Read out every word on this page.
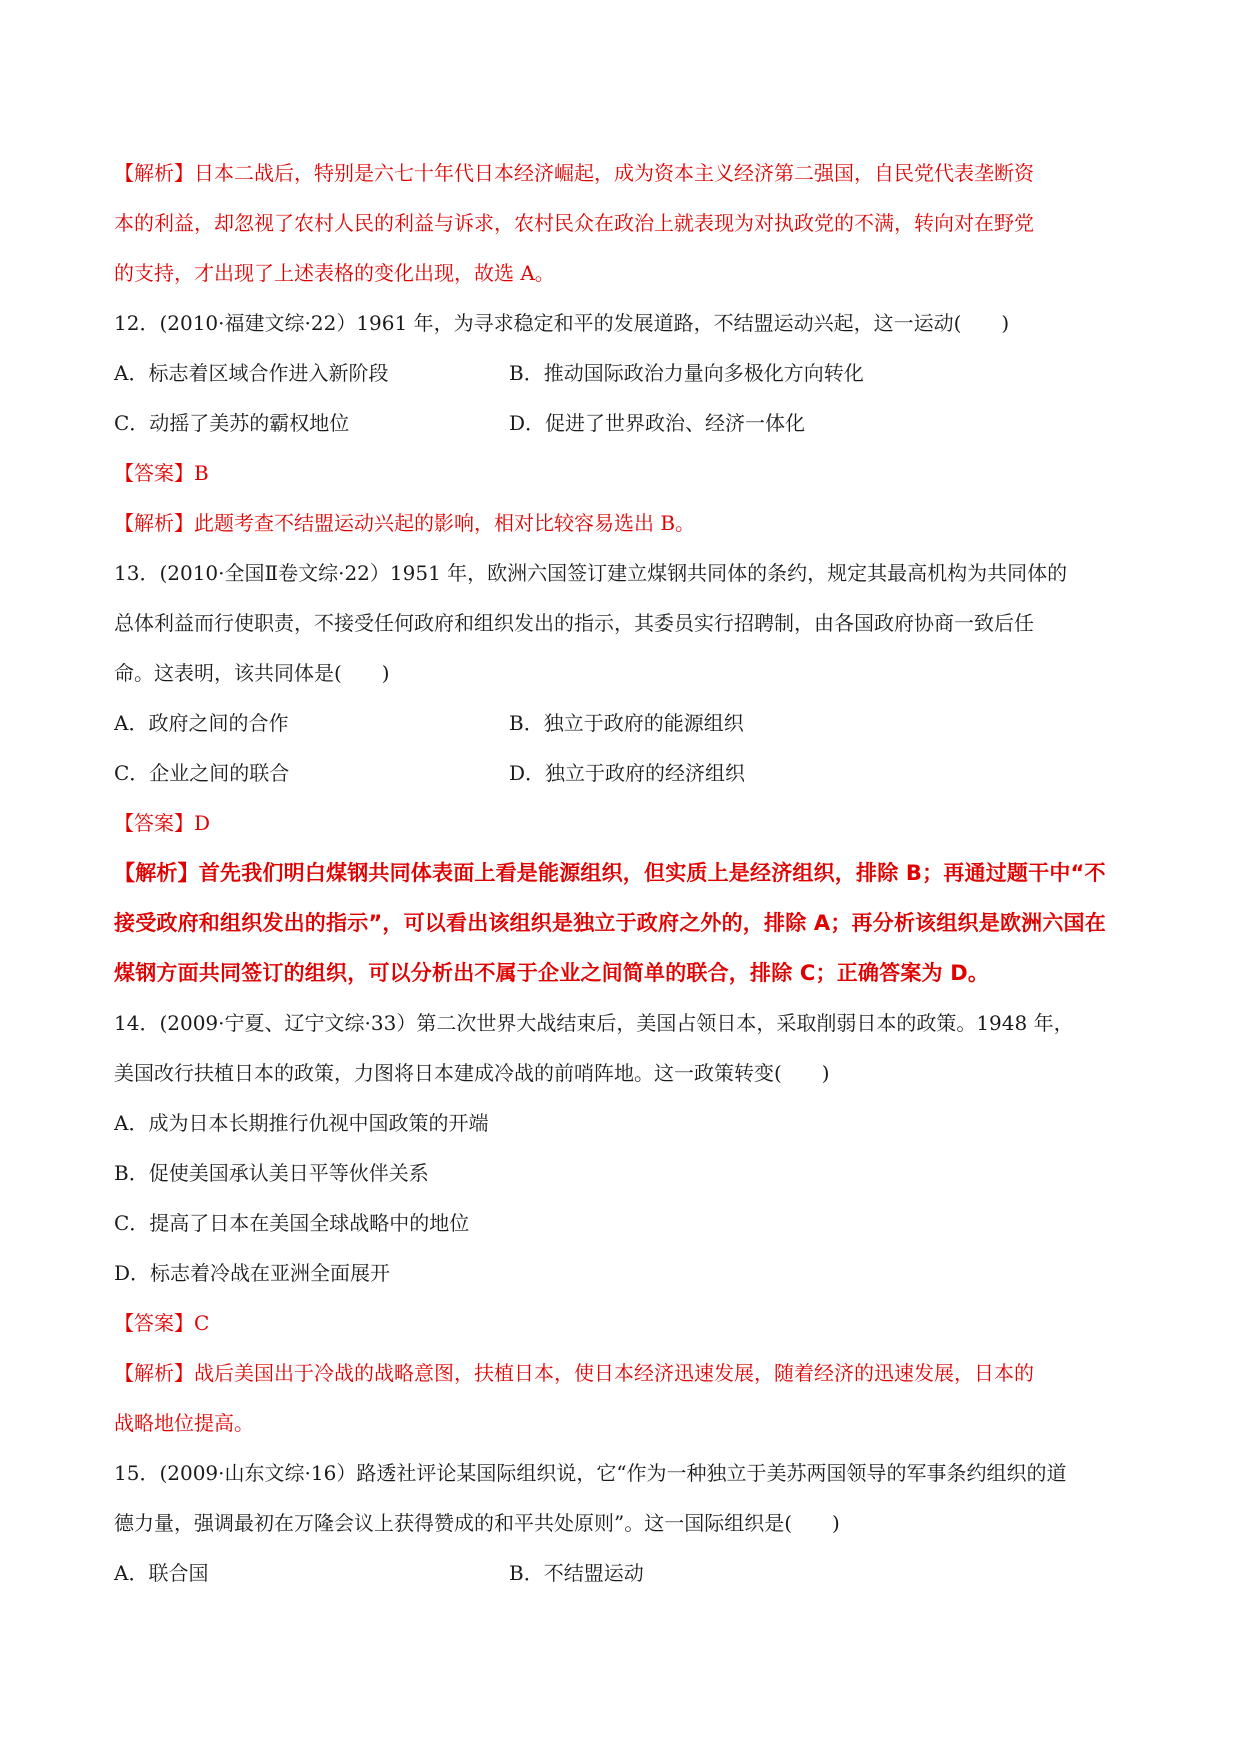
【解析】日本二战后，特别是六七十年代日本经济崛起，成为资本主义经济第二强国，自民党代表垄断资
本的利益，却忽视了农村人民的利益与诉求，农村民众在政治上就表现为对执政党的不满，转向对在野党
的支持，才出现了上述表格的变化出现，故选 A。
12．(2010·福建文综·22）1961 年，为寻求稳定和平的发展道路，不结盟运动兴起，这一运动(　　)
A．标志着区域合作进入新阶段	B．推动国际政治力量向多极化方向转化
C．动摇了美苏的霸权地位	D．促进了世界政治、经济一体化
【答案】B
【解析】此题考查不结盟运动兴起的影响，相对比较容易选出 B。
13．(2010·全国Ⅱ卷文综·22）1951 年，欧洲六国签订建立煤钢共同体的条约，规定其最高机构为共同体的
总体利益而行使职责，不接受任何政府和组织发出的指示，其委员实行招聘制，由各国政府协商一致后任
命。这表明，该共同体是(　　)
A．政府之间的合作	B．独立于政府的能源组织
C．企业之间的联合	D．独立于政府的经济组织
【答案】D
【解析】首先我们明白煤钢共同体表面上看是能源组织，但实质上是经济组织，排除 B；再通过题干中“不
接受政府和组织发出的指示”，可以看出该组织是独立于政府之外的，排除 A；再分析该组织是欧洲六国在
煤钢方面共同签订的组织，可以分析出不属于企业之间简单的联合，排除 C；正确答案为 D。
14．(2009·宁夏、辽宁文综·33）第二次世界大战结束后，美国占领日本，采取削弱日本的政策。1948 年，
美国改行扶植日本的政策，力图将日本建成冷战的前哨阵地。这一政策转变(　　)
A．成为日本长期推行仇视中国政策的开端
B．促使美国承认美日平等伙伴关系
C．提高了日本在美国全球战略中的地位
D．标志着冷战在亚洲全面展开
【答案】C
【解析】战后美国出于冷战的战略意图，扶植日本，使日本经济迅速发展，随着经济的迅速发展，日本的
战略地位提高。
15．(2009·山东文综·16）路透社评论某国际组织说，它“作为一种独立于美苏两国领导的军事条约组织的道
德力量，强调最初在万隆会议上获得赞成的和平共处原则”。这一国际组织是(　　)
A．联合国	B．不结盟运动
